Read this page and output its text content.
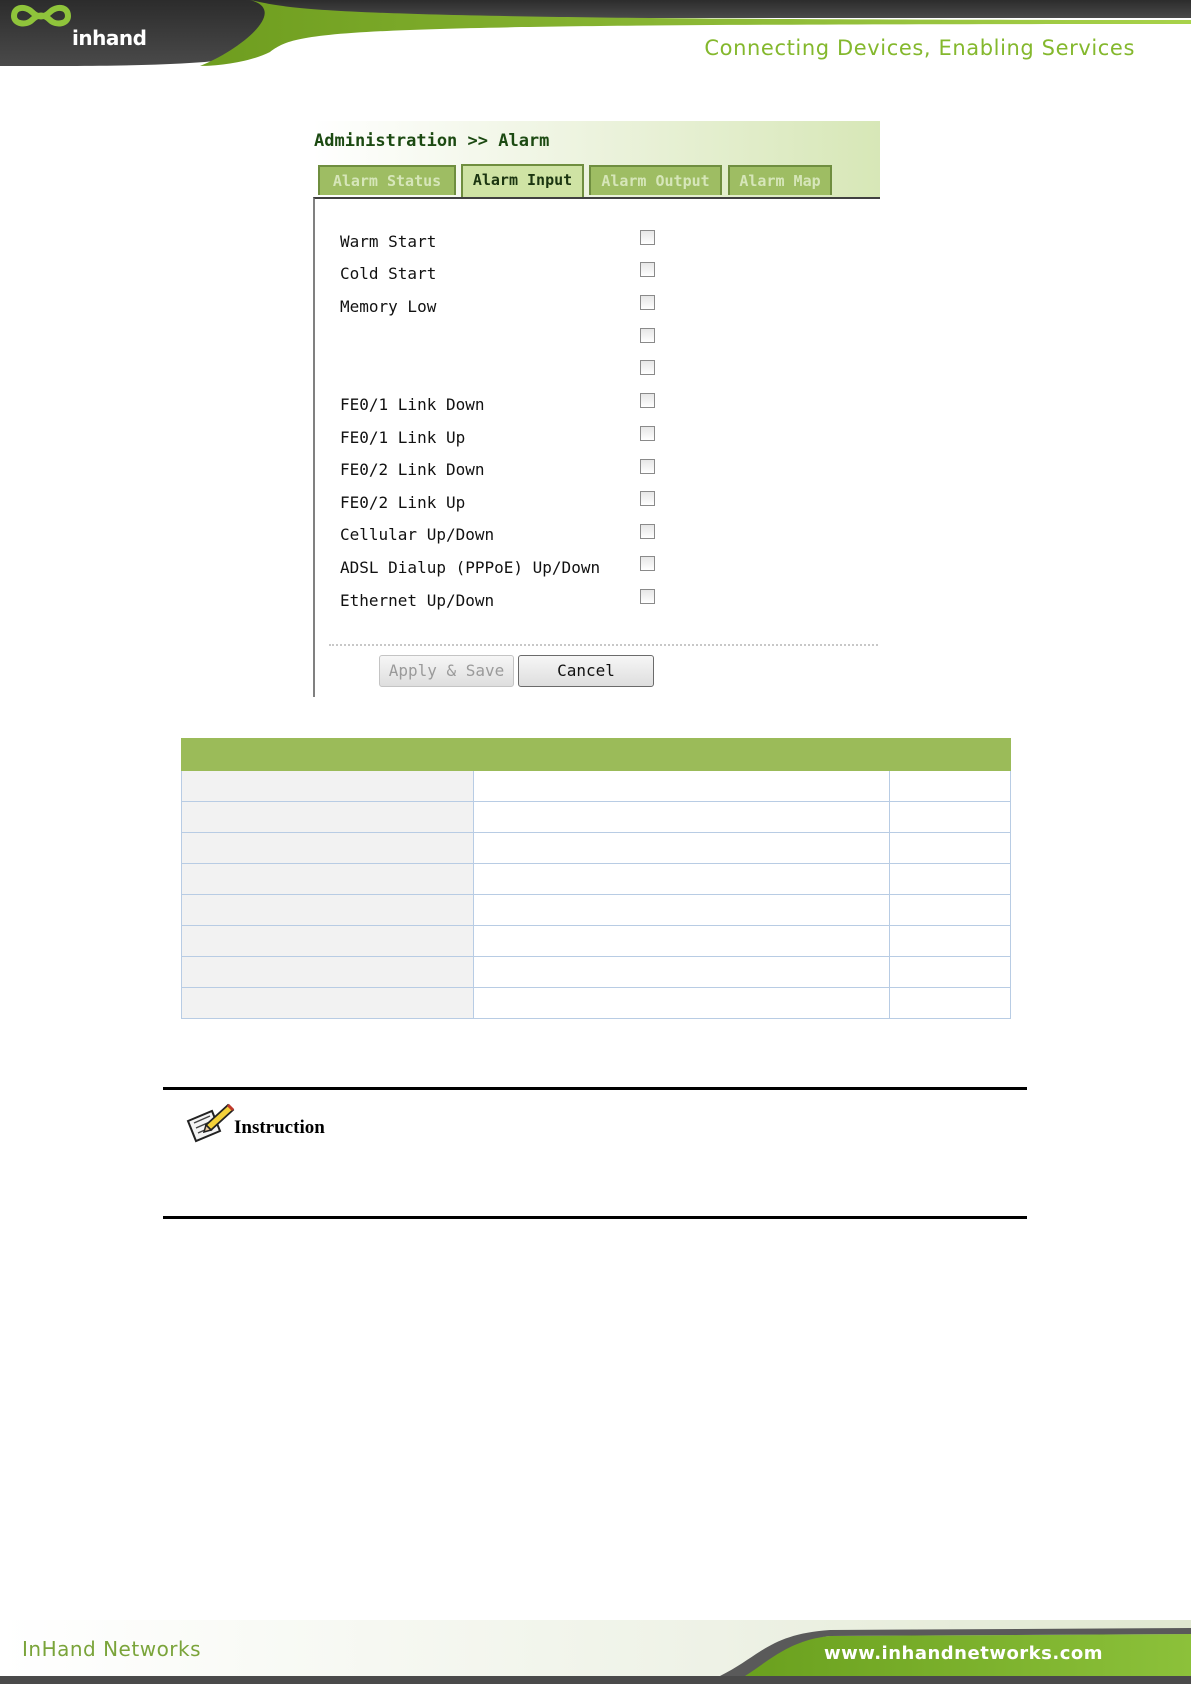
inhand	Connecting Devices, Enabling Services
Administration >> Alarm
Alarm Status	Alarm Input	Alarm Output	Alarm Map
Warm Start
Cold Start
Memory Low
FE0/1 Link Down
FE0/1 Link Up
FE0/2 Link Down
FE0/2 Link Up
Cellular Up/Down
ADSL Dialup (PPPoE) Up/Down
Ethernet Up/Down
Apply & Save	Cancel

Instruction
InHand Networks	www.inhandnetworks.com
